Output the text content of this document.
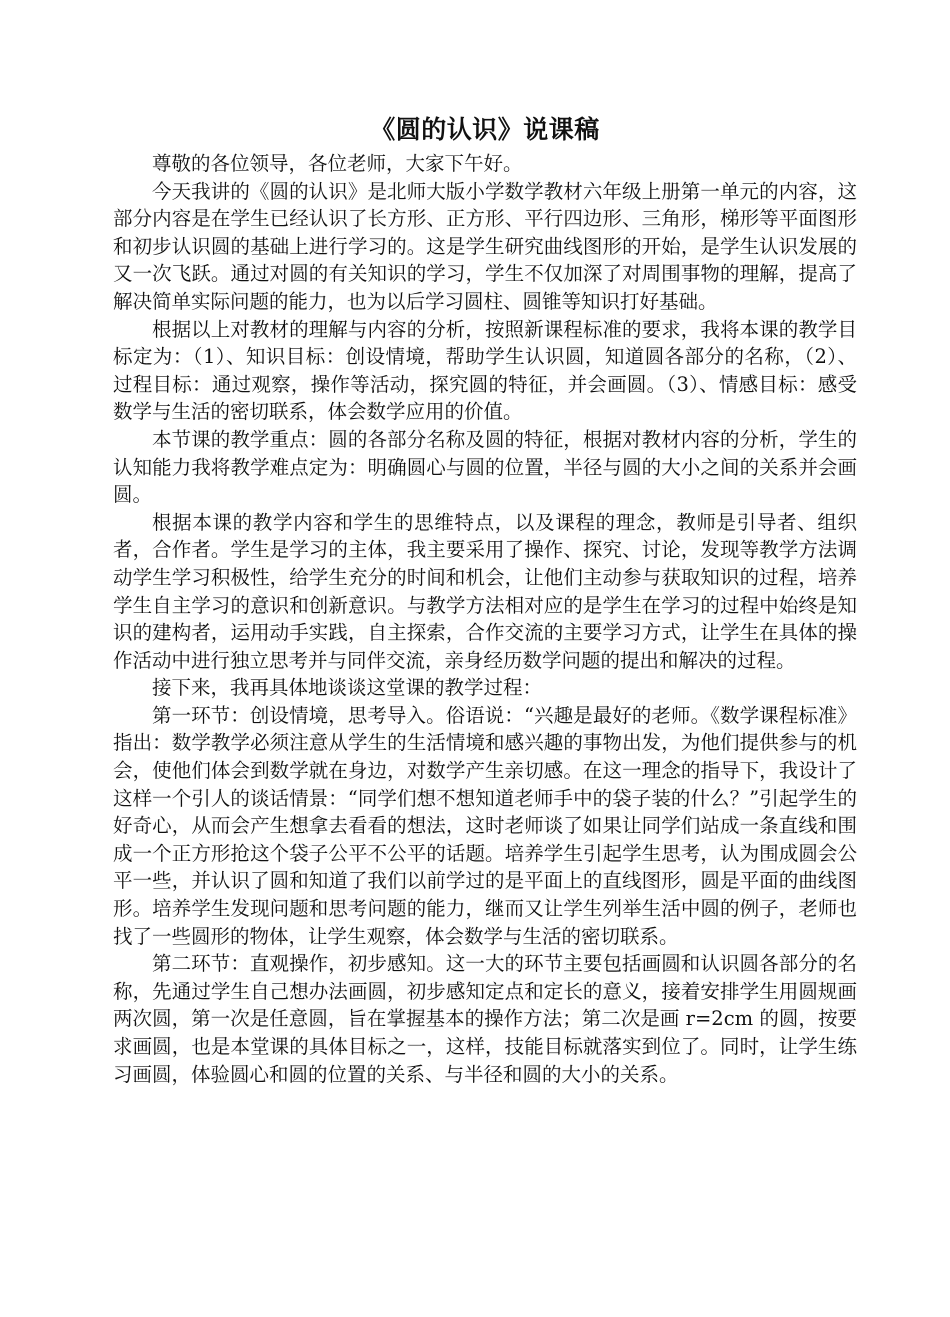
《圆的认识》说课稿

尊敬的各位领导，各位老师，大家下午好。

今天我讲的《圆的认识》是北师大版小学数学教材六年级上册第一单元的内容，这部分内容是在学生已经认识了长方形、正方形、平行四边形、三角形，梯形等平面图形和初步认识圆的基础上进行学习的。这是学生研究曲线图形的开始，是学生认识发展的又一次飞跃。通过对圆的有关知识的学习，学生不仅加深了对周围事物的理解，提高了解决简单实际问题的能力，也为以后学习圆柱、圆锥等知识打好基础。

根据以上对教材的理解与内容的分析，按照新课程标准的要求，我将本课的教学目标定为：（1）、知识目标：创设情境，帮助学生认识圆，知道圆各部分的名称，（2）、过程目标：通过观察，操作等活动，探究圆的特征，并会画圆。（3）、情感目标：感受数学与生活的密切联系，体会数学应用的价值。

本节课的教学重点：圆的各部分名称及圆的特征，根据对教材内容的分析，学生的认知能力我将教学难点定为：明确圆心与圆的位置，半径与圆的大小之间的关系并会画圆。

根据本课的教学内容和学生的思维特点，以及课程的理念，教师是引导者、组织者，合作者。学生是学习的主体，我主要采用了操作、探究、讨论，发现等教学方法调动学生学习积极性，给学生充分的时间和机会，让他们主动参与获取知识的过程，培养学生自主学习的意识和创新意识。与教学方法相对应的是学生在学习的过程中始终是知识的建构者，运用动手实践，自主探索，合作交流的主要学习方式，让学生在具体的操作活动中进行独立思考并与同伴交流，亲身经历数学问题的提出和解决的过程。

接下来，我再具体地谈谈这堂课的教学过程：

第一环节：创设情境，思考导入。俗语说：“兴趣是最好的老师。《数学课程标准》指出：数学教学必须注意从学生的生活情境和感兴趣的事物出发，为他们提供参与的机会，使他们体会到数学就在身边，对数学产生亲切感。在这一理念的指导下，我设计了这样一个引人的谈话情景：“同学们想不想知道老师手中的袋子装的什么？”引起学生的好奇心，从而会产生想拿去看看的想法，这时老师谈了如果让同学们站成一条直线和围成一个正方形抢这个袋子公平不公平的话题。培养学生引起学生思考，认为围成圆会公平一些，并认识了圆和知道了我们以前学过的是平面上的直线图形，圆是平面的曲线图形。培养学生发现问题和思考问题的能力，继而又让学生列举生活中圆的例子，老师也找了一些圆形的物体，让学生观察，体会数学与生活的密切联系。

第二环节：直观操作，初步感知。这一大的环节主要包括画圆和认识圆各部分的名称，先通过学生自己想办法画圆，初步感知定点和定长的意义，接着安排学生用圆规画两次圆，第一次是任意圆，旨在掌握基本的操作方法；第二次是画 r=2cm 的圆，按要求画圆，也是本堂课的具体目标之一，这样，技能目标就落实到位了。同时，让学生练习画圆，体验圆心和圆的位置的关系、与半径和圆的大小的关系。
